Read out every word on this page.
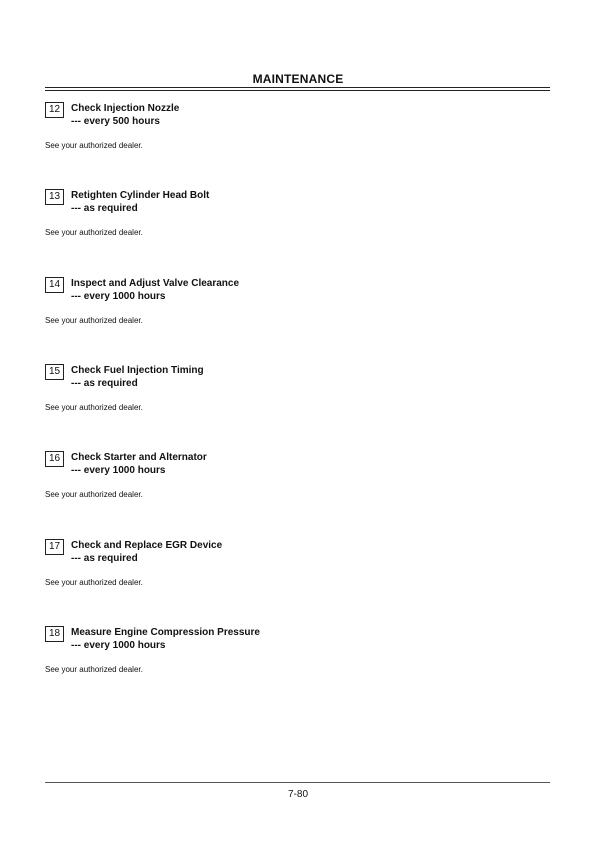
MAINTENANCE
12	Check Injection Nozzle
--- every 500 hours
See your authorized dealer.
13	Retighten Cylinder Head Bolt
--- as required
See your authorized dealer.
14	Inspect and Adjust Valve Clearance
--- every 1000 hours
See your authorized dealer.
15	Check Fuel Injection Timing
--- as required
See your authorized dealer.
16	Check Starter and Alternator
--- every 1000 hours
See your authorized dealer.
17	Check and Replace EGR Device
--- as required
See your authorized dealer.
18	Measure Engine Compression Pressure
--- every 1000 hours
See your authorized dealer.
7-80
